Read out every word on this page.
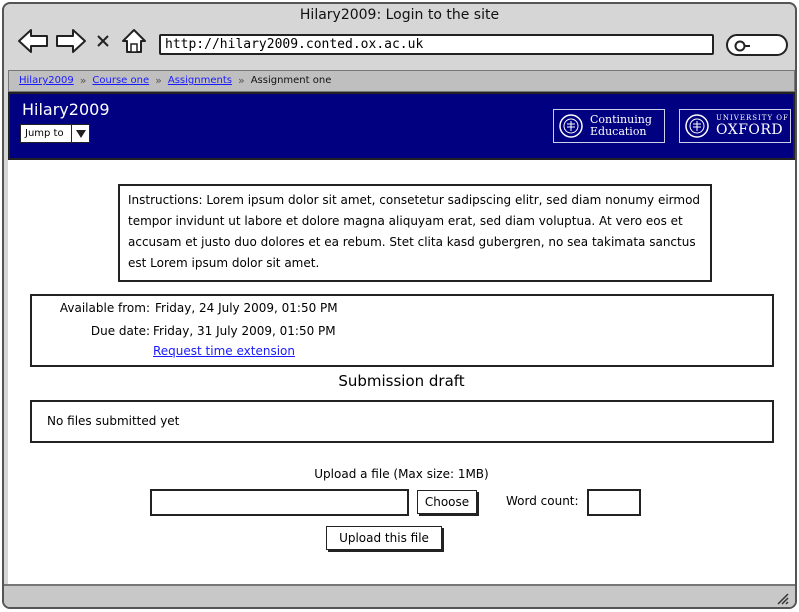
Hilary2009: Login to the site
http://hilary2009.conted.ox.ac.uk
Hilary2009 » Course one » Assignments » Assignment one
Hilary2009
Jump to
Continuing
Education
UNIVERSITY OF
OXFORD
Instructions: Lorem ipsum dolor sit amet, consetetur sadipscing elitr, sed diam nonumy eirmod tempor invidunt ut labore et dolore magna aliquyam erat, sed diam voluptua. At vero eos et accusam et justo duo dolores et ea rebum. Stet clita kasd gubergren, no sea takimata sanctus est Lorem ipsum dolor sit amet.
Available from: Friday, 24 July 2009, 01:50 PM
Due date: Friday, 31 July 2009, 01:50 PM
Request time extension
Submission draft
No files submitted yet
Upload a file (Max size: 1MB)
Choose	Word count:
Upload this file
